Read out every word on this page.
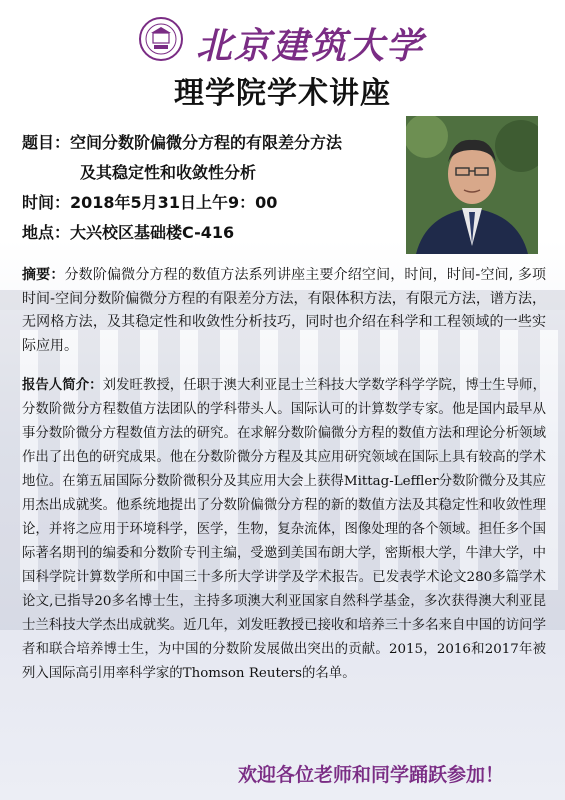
北京建筑大学
理学院学术讲座
题目：空间分数阶偏微分方程的有限差分方法
及其稳定性和收敛性分析
时间：2018年5月31日上午9：00
地点：大兴校区基础楼C-416
摘要：分数阶偏微分方程的数值方法系列讲座主要介绍空间，时间，时间-空间, 多项时间-空间分数阶偏微分方程的有限差分方法，有限体积方法，有限元方法，谱方法，无网格方法，及其稳定性和收敛性分析技巧，同时也介绍在科学和工程领域的一些实际应用。
报告人简介：刘发旺教授，任职于澳大利亚昆士兰科技大学数学科学学院，博士生导师，分数阶微分方程数值方法团队的学科带头人。国际认可的计算数学专家。他是国内最早从事分数阶微分方程数值方法的研究。在求解分数阶偏微分方程的数值方法和理论分析领域作出了出色的研究成果。他在分数阶微分方程及其应用研究领域在国际上具有较高的学术地位。在第五届国际分数阶微积分及其应用大会上获得Mittag-Leffler分数阶微分及其应用杰出成就奖。他系统地提出了分数阶偏微分方程的新的数值方法及其稳定性和收敛性理论，并将之应用于环境科学，医学，生物，复杂流体，图像处理的各个领域。担任多个国际著名期刊的编委和分数阶专刊主编，受邀到美国布朗大学，密斯根大学，牛津大学，中国科学院计算数学所和中国三十多所大学讲学及学术报告。已发表学术论文280多篇学术论文,已指导20多名博士生，主持多项澳大利亚国家自然科学基金，多次获得澳大利亚昆士兰科技大学杰出成就奖。近几年，刘发旺教授已接收和培养三十多名来自中国的访问学者和联合培养博士生，为中国的分数阶发展做出突出的贡献。2015，2016和2017年被列入国际高引用率科学家的Thomson Reuters的名单。
欢迎各位老师和同学踊跃参加！
